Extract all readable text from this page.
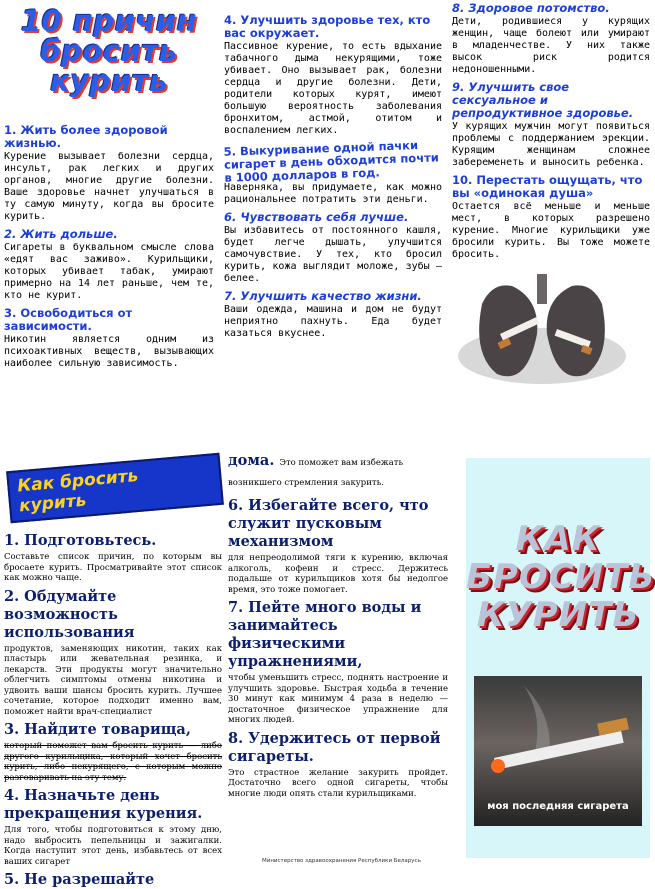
10 причин бросить курить
1. Жить более здоровой жизнью.

Курение вызывает болезни сердца, инсульт, рак легких и других органов, многие другие болезни. Ваше здоровье начнет улучшаться в ту самую минуту, когда вы бросите курить.

2. Жить дольше.

Сигареты в буквальном смысле слова «едят вас заживо». Курильщики, которых убивает табак, умирают примерно на 14 лет раньше, чем те, кто не курит.

3. Освободиться от зависимости.

Никотин является одним из психоактивных веществ, вызывающих наиболее сильную зависимость.

4. Улучшить здоровье тех, кто вас окружает.

Пассивное курение, то есть вдыхание табачного дыма некурящими, тоже убивает. Оно вызывает рак, болезни сердца и другие болезни. Дети, родители которых курят, имеют большую вероятность заболевания бронхитом, астмой, отитом и воспалением легких.

5. Выкуривание одной пачки сигарет в день обходится почти в 1000 долларов в год.

Наверняка, вы придумаете, как можно рациональнее потратить эти деньги.

6. Чувствовать себя лучше.

Вы избавитесь от постоянного кашля, будет легче дышать, улучшится самочувствие. У тех, кто бросил курить, кожа выглядит моложе, зубы — белее.

7. Улучшить качество жизни.

Ваши одежда, машина и дом не будут неприятно пахнуть. Еда будет казаться вкуснее.

8. Здоровое потомство.

Дети, родившиеся у курящих женщин, чаще болеют или умирают в младенчестве. У них также высок риск родится недоношенными.

9. Улучшить свое сексуальное и репродуктивное здоровье.

У курящих мужчин могут появиться проблемы с поддержанием эрекции. Курящим женщинам сложнее забеременеть и выносить ребенка.

10. Перестать ощущать, что вы «одинокая душа»

Остается всё меньше и меньше мест, в которых разрешено курение. Многие курильщики уже бросили курить. Вы тоже можете бросить.

Как бросить курить
1. Подготовьтесь.

Составьте список причин, по которым вы бросаете курить. Просматривайте этот список как можно чаще.

2. Обдумайте возможность использования

продуктов, заменяющих никотин, таких как пластырь или жевательная резинка, и лекарств. Эти продукты могут значительно облегчить симптомы отмены никотина и удвоить ваши шансы бросить курить. Лучшее сочетание, которое подходит именно вам, поможет найти врач-специалист

3. Найдите товарища,

который поможет вам бросить курить — либо другого курильщика, который хочет бросить курить, либо некурящего, с которым можно разговаривать на эту тему.

4. Назначьте день прекращения курения.

Для того, чтобы подготовиться к этому дню, надо выбросить пепельницы и зажигалки. Когда наступит этот день, избавьтесь от всех ваших сигарет

5. Не разрешайте
дома. Это поможет вам избежать возникшего стремления закурить.
6. Избегайте всего, что служит пусковым механизмом

для непреодолимой тяги к курению, включая алкоголь, кофеин и стресс. Держитесь подальше от курильщиков хотя бы недолгое время, это тоже помогает.

7. Пейте много воды и занимайтесь физическими упражнениями,

чтобы уменьшить стресс, поднять настроение и улучшить здоровье. Быстрая ходьба в течение 30 минут как минимум 4 раза в неделю — достаточное физическое упражнение для многих людей.

8. Удержитесь от первой сигареты.

Это страстное желание закурить пройдет. Достаточно всего одной сигареты, чтобы многие люди опять стали курильщиками.

КАК БРОСИТЬ КУРИТЬ
моя последняя сигарета
Министерство здравоохранения Республики Беларусь
